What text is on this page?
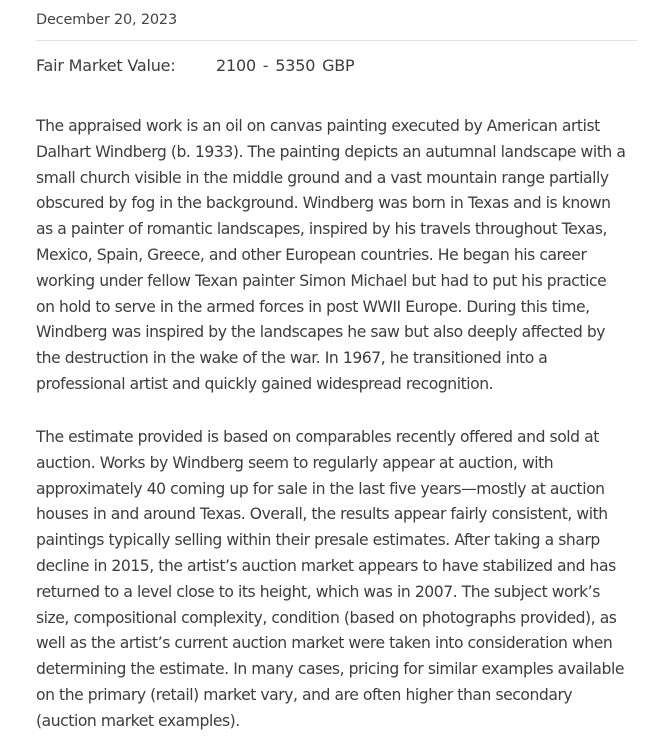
December 20, 2023
Fair Market Value:	2100 - 5350 GBP
The appraised work is an oil on canvas painting executed by American artist
Dalhart Windberg (b. 1933). The painting depicts an autumnal landscape with a
small church visible in the middle ground and a vast mountain range partially
obscured by fog in the background. Windberg was born in Texas and is known
as a painter of romantic landscapes, inspired by his travels throughout Texas,
Mexico, Spain, Greece, and other European countries. He began his career
working under fellow Texan painter Simon Michael but had to put his practice
on hold to serve in the armed forces in post WWII Europe. During this time,
Windberg was inspired by the landscapes he saw but also deeply affected by
the destruction in the wake of the war. In 1967, he transitioned into a
professional artist and quickly gained widespread recognition.
The estimate provided is based on comparables recently offered and sold at
auction. Works by Windberg seem to regularly appear at auction, with
approximately 40 coming up for sale in the last five years—mostly at auction
houses in and around Texas. Overall, the results appear fairly consistent, with
paintings typically selling within their presale estimates. After taking a sharp
decline in 2015, the artist’s auction market appears to have stabilized and has
returned to a level close to its height, which was in 2007. The subject work’s
size, compositional complexity, condition (based on photographs provided), as
well as the artist’s current auction market were taken into consideration when
determining the estimate. In many cases, pricing for similar examples available
on the primary (retail) market vary, and are often higher than secondary
(auction market examples).
